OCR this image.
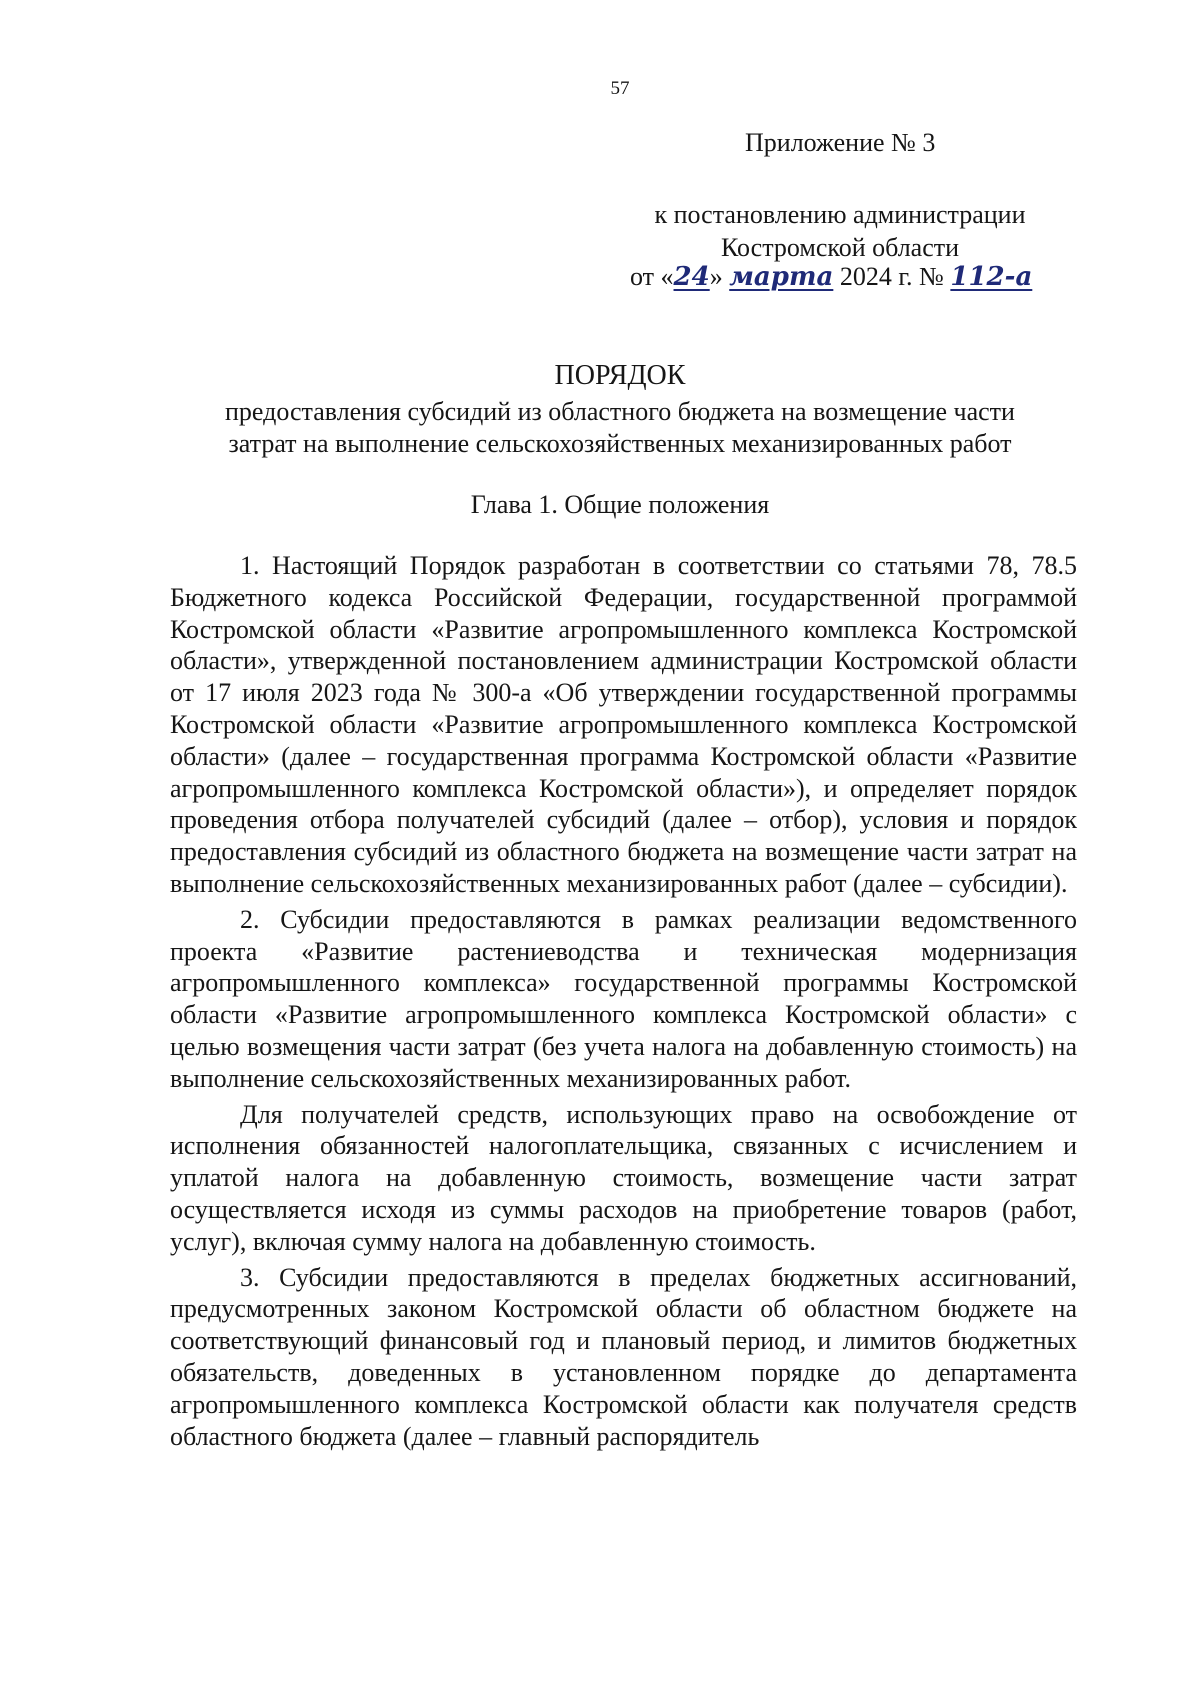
57
Приложение № 3
к постановлению администрации
Костромской области
от «24» марта 2024 г. № 112-а
ПОРЯДОК
предоставления субсидий из областного бюджета на возмещение части
затрат на выполнение сельскохозяйственных механизированных работ
Глава 1. Общие положения

1. Настоящий Порядок разработан в соответствии со статьями 78, 78.5 Бюджетного кодекса Российской Федерации, государственной программой Костромской области «Развитие агропромышленного комплекса Костромской области», утвержденной постановлением администрации Костромской области от 17 июля 2023 года № 300-а «Об утверждении государственной программы Костромской области «Развитие агропромышленного комплекса Костромской области» (далее – государственная программа Костромской области «Развитие агропромышленного комплекса Костромской области»), и определяет порядок проведения отбора получателей субсидий (далее – отбор), условия и порядок предоставления субсидий из областного бюджета на возмещение части затрат на выполнение сельскохозяйственных механизированных работ (далее – субсидии).

2. Субсидии предоставляются в рамках реализации ведомственного проекта «Развитие растениеводства и техническая модернизация агропромышленного комплекса» государственной программы Костромской области «Развитие агропромышленного комплекса Костромской области» с целью возмещения части затрат (без учета налога на добавленную стоимость) на выполнение сельскохозяйственных механизированных работ.

Для получателей средств, использующих право на освобождение от исполнения обязанностей налогоплательщика, связанных с исчислением и уплатой налога на добавленную стоимость, возмещение части затрат осуществляется исходя из суммы расходов на приобретение товаров (работ, услуг), включая сумму налога на добавленную стоимость.

3. Субсидии предоставляются в пределах бюджетных ассигнований, предусмотренных законом Костромской области об областном бюджете на соответствующий финансовый год и плановый период, и лимитов бюджетных обязательств, доведенных в установленном порядке до департамента агропромышленного комплекса Костромской области как получателя средств областного бюджета (далее – главный распорядитель
